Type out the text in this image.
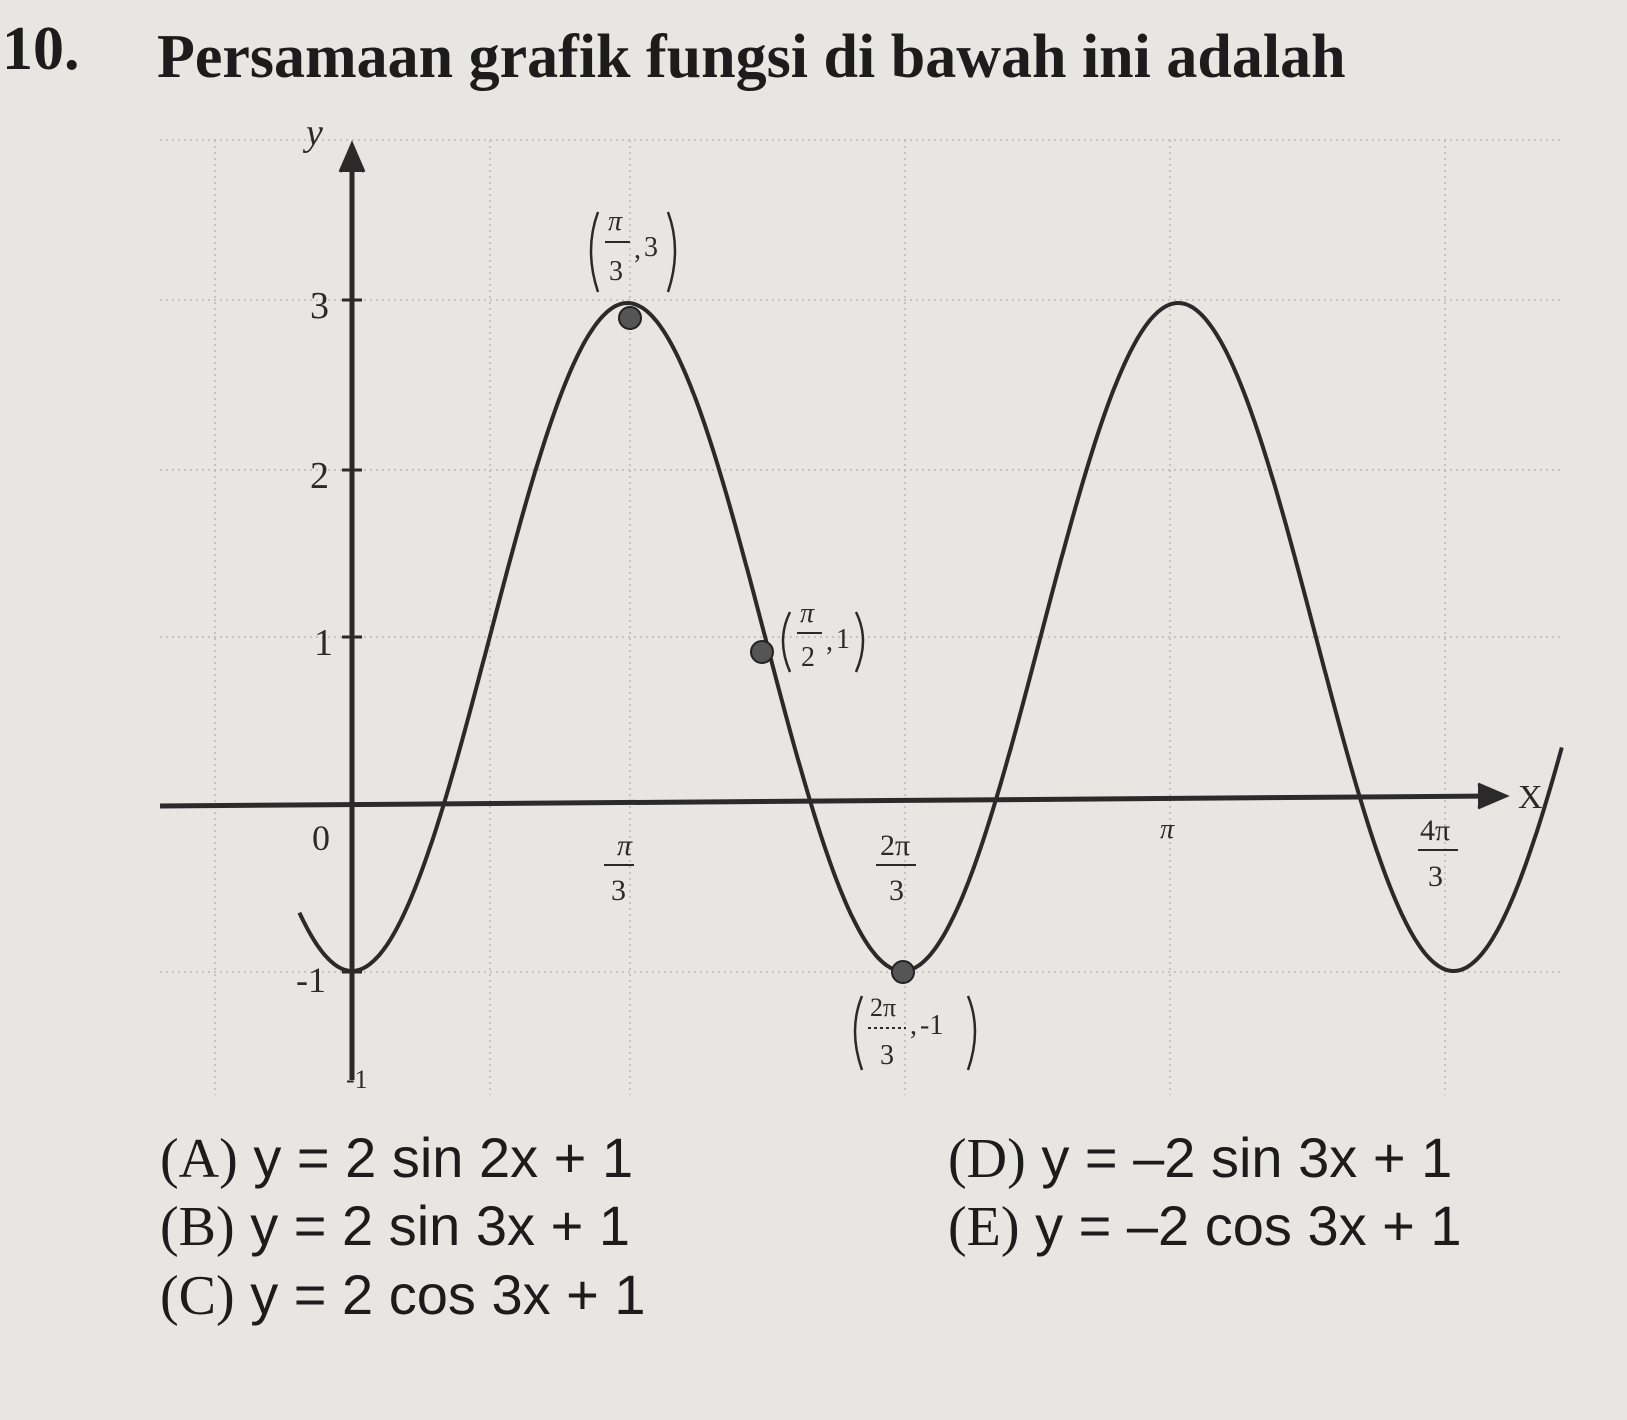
10. Persamaan grafik fungsi di bawah ini adalah
y
X
0
3
2
1
-1
-1
π
3
2π
3
π	4π
3
π
3
, 3
π
2
, 1
2π
3
, -1
(A) y = 2 sin 2x + 1
(B) y = 2 sin 3x + 1
(C) y = 2 cos 3x + 1
(D) y = –2 sin 3x + 1
(E) y = –2 cos 3x + 1
